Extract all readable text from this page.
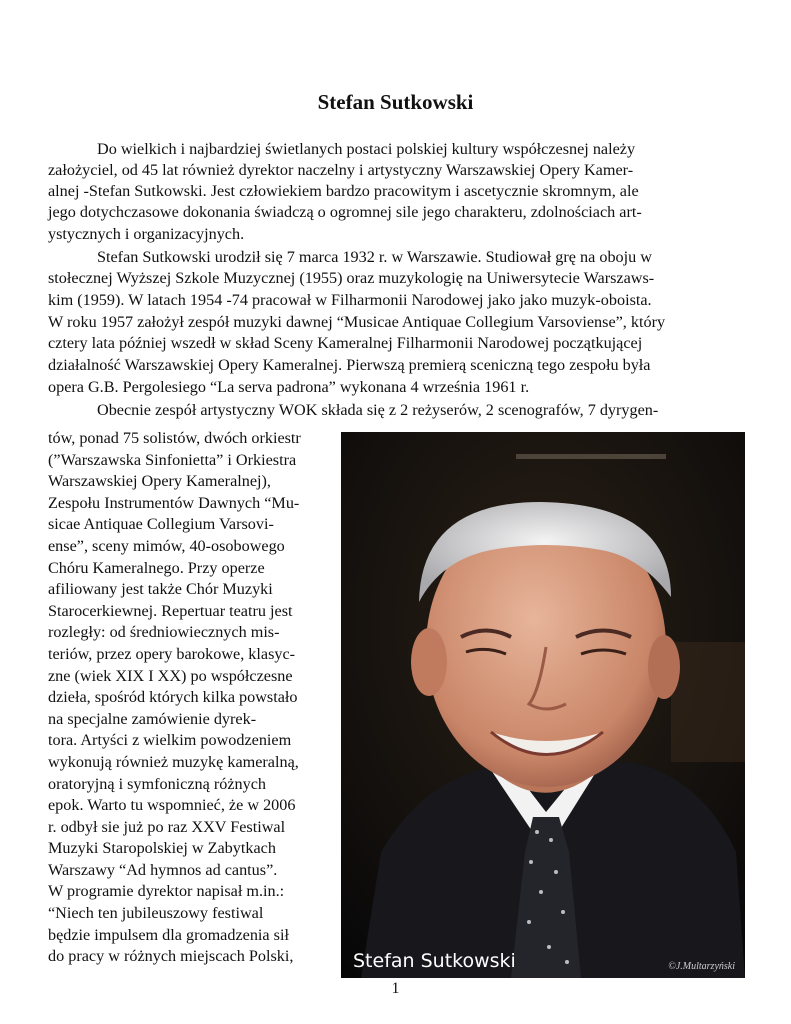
Stefan Sutkowski
Do wielkich i najbardziej świetlanych postaci polskiej kultury współczesnej należy
założyciel, od 45 lat również dyrektor naczelny i artystyczny Warszawskiej Opery Kamer-
alnej -Stefan Sutkowski. Jest człowiekiem bardzo pracowitym i ascetycznie skromnym, ale
jego dotychczasowe dokonania świadczą o ogromnej sile jego charakteru, zdolnościach art-
ystycznych i organizacyjnych.
Stefan Sutkowski urodził się 7 marca 1932 r. w Warszawie. Studiował grę na oboju w
stołecznej Wyższej Szkole Muzycznej (1955) oraz muzykologię na Uniwersytecie Warszaws-
kim (1959). W latach 1954 -74 pracował w Filharmonii Narodowej jako jako muzyk-oboista.
W roku 1957 założył zespół muzyki dawnej “Musicae Antiquae Collegium Varsoviense”, który
cztery lata później wszedł w skład Sceny Kameralnej Filharmonii Narodowej początkującej
działalność Warszawskiej Opery Kameralnej. Pierwszą premierą sceniczną tego zespołu była
opera G.B. Pergolesiego “La serva padrona” wykonana 4 września 1961 r.
Obecnie zespół artystyczny WOK składa się z 2 reżyserów, 2 scenografów, 7 dyrygen-
tów, ponad 75 solistów, dwóch orkiestr
(”Warszawska Sinfonietta” i Orkiestra
Warszawskiej Opery Kameralnej),
Zespołu Instrumentów Dawnych “Mu-
sicae Antiquae Collegium Varsovi-
ense”, sceny mimów, 40-osobowego
Chóru Kameralnego. Przy operze
afiliowany jest także Chór Muzyki
Starocerkiewnej. Repertuar teatru jest
rozległy: od średniowiecznych mis-
teriów, przez opery barokowe, klasyc-
zne (wiek XIX I XX) po współczesne
dzieła, spośród których kilka powstało
na specjalne zamówienie dyrek-
tora. Artyści z wielkim powodzeniem
wykonują również muzykę kameralną,
oratoryjną i symfoniczną różnych
epok. Warto tu wspomnieć, że w 2006
r. odbył sie już po raz XXV Festiwal
Muzyki Staropolskiej w Zabytkach
Warszawy “Ad hymnos ad cantus”.
W programie dyrektor napisał m.in.:
“Niech ten jubileuszowy festiwal
będzie impulsem dla gromadzenia sił
do pracy w różnych miejscach Polski,	Stefan Sutkowski	©J.Multarzyński
1
